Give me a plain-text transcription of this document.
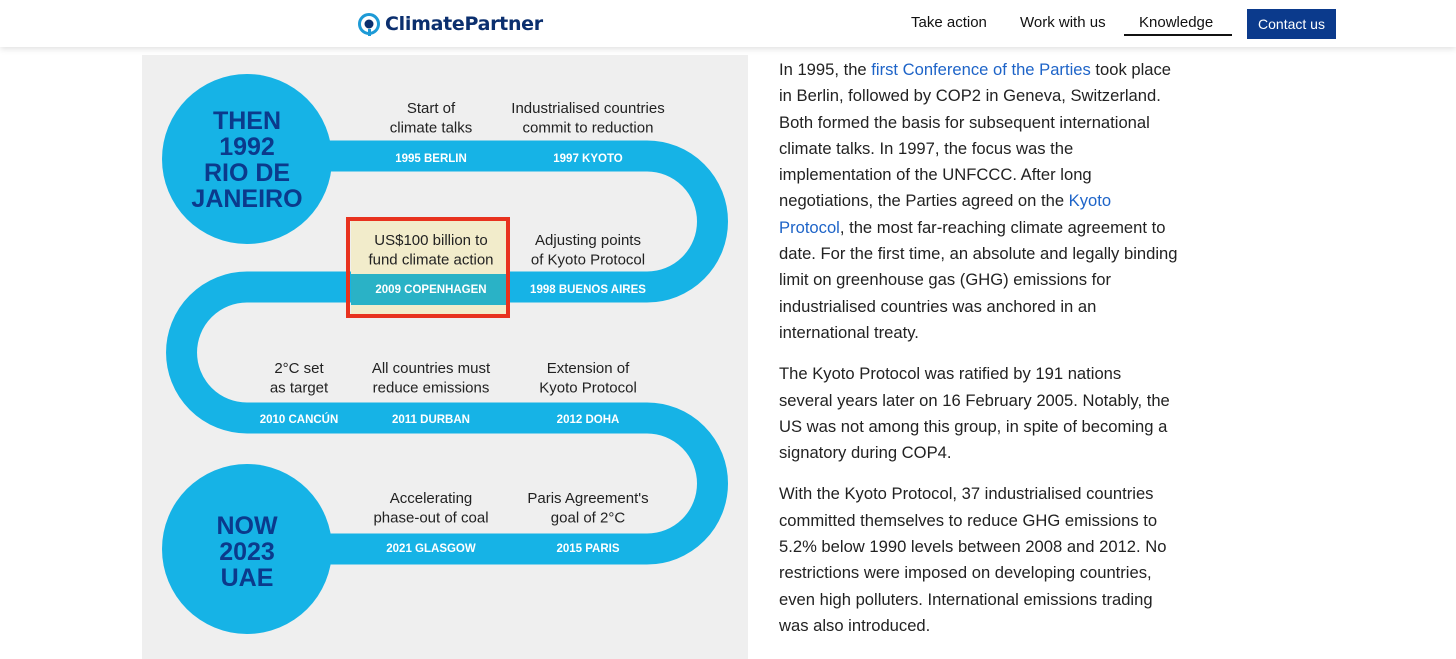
ClimatePartner	Take action Work with us Knowledge	Contact us
THEN
1992
RIO DE
JANEIRO
NOW
2023
UAE
Start of
climate talks
1995 BERLIN
Industrialised countries
commit to reduction
1997 KYOTO
US$100 billion to
fund climate action
2009 COPENHAGEN
Adjusting points
of Kyoto Protocol
1998 BUENOS AIRES
2°C set
as target
2010 CANCÚN
All countries must
reduce emissions
2011 DURBAN
Extension of
Kyoto Protocol
2012 DOHA
Accelerating
phase-out of coal
2021 GLASGOW
Paris Agreement's
goal of 2°C
2015 PARIS

In 1995, the first Conference of the Parties took place in Berlin, followed by COP2 in Geneva, Switzerland. Both formed the basis for subsequent international climate talks. In 1997, the focus was the implementation of the UNFCCC. After long negotiations, the Parties agreed on the Kyoto Protocol, the most far-reaching climate agreement to date. For the first time, an absolute and legally binding limit on greenhouse gas (GHG) emissions for industrialised countries was anchored in an international treaty.

The Kyoto Protocol was ratified by 191 nations several years later on 16 February 2005. Notably, the US was not among this group, in spite of becoming a signatory during COP4.

With the Kyoto Protocol, 37 industrialised countries committed themselves to reduce GHG emissions to 5.2% below 1990 levels between 2008 and 2012. No restrictions were imposed on developing countries, even high polluters. International emissions trading was also introduced.
